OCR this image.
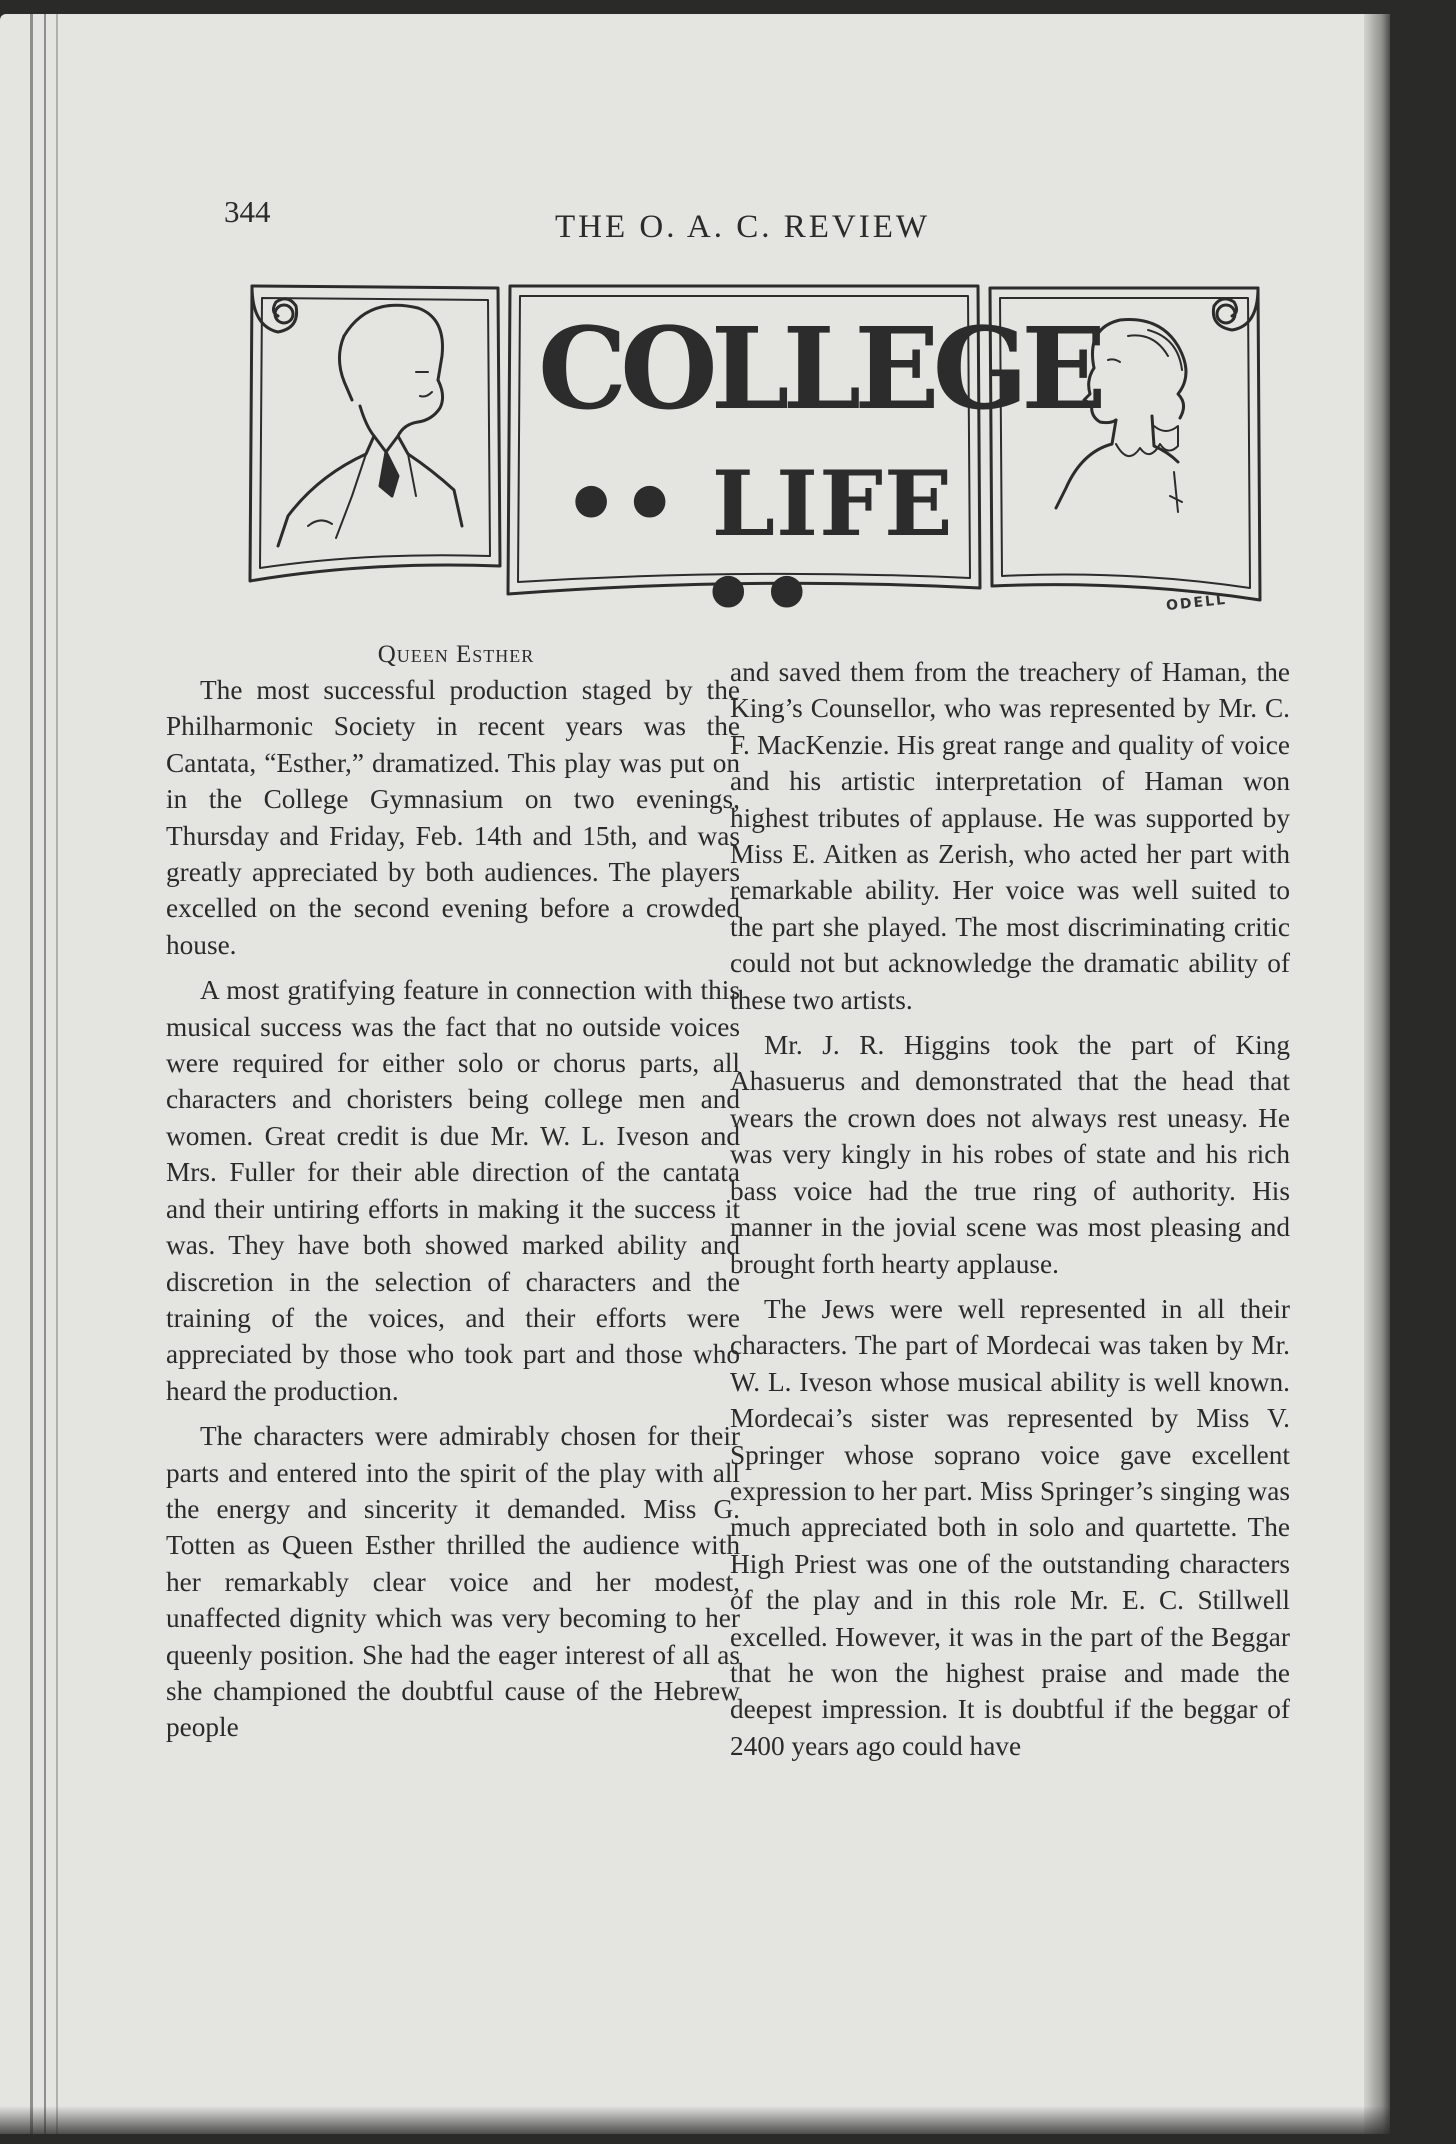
344	THE O. A. C. REVIEW
COLLEGE
•• LIFE ••	ODELL
Queen Esther

The most successful production staged by the Philharmonic Society in recent years was the Cantata, “Esther,” dramatized. This play was put on in the College Gymnasium on two evenings, Thursday and Friday, Feb. 14th and 15th, and was greatly appreciated by both audiences. The players excelled on the second evening before a crowded house.

A most gratifying feature in connection with this musical success was the fact that no outside voices were required for either solo or chorus parts, all characters and choristers being college men and women. Great credit is due Mr. W. L. Iveson and Mrs. Fuller for their able direction of the cantata and their untiring efforts in making it the success it was. They have both showed marked ability and discretion in the selection of characters and the training of the voices, and their efforts were appreciated by those who took part and those who heard the production.

The characters were admirably chosen for their parts and entered into the spirit of the play with all the energy and sincerity it demanded. Miss G. Totten as Queen Esther thrilled the audience with her remarkably clear voice and her modest, unaffected dignity which was very becoming to her queenly position. She had the eager interest of all as she championed the doubtful cause of the Hebrew people

and saved them from the treachery of Haman, the King’s Counsellor, who was represented by Mr. C. F. MacKenzie. His great range and quality of voice and his artistic interpretation of Haman won highest tributes of applause. He was supported by Miss E. Aitken as Zerish, who acted her part with remarkable ability. Her voice was well suited to the part she played. The most discriminating critic could not but acknowledge the dramatic ability of these two artists.

Mr. J. R. Higgins took the part of King Ahasuerus and demonstrated that the head that wears the crown does not always rest uneasy. He was very kingly in his robes of state and his rich bass voice had the true ring of authority. His manner in the jovial scene was most pleasing and brought forth hearty applause.

The Jews were well represented in all their characters. The part of Mordecai was taken by Mr. W. L. Iveson whose musical ability is well known. Mordecai’s sister was represented by Miss V. Springer whose soprano voice gave excellent expression to her part. Miss Springer’s singing was much appreciated both in solo and quartette. The High Priest was one of the outstanding characters of the play and in this role Mr. E. C. Stillwell excelled. However, it was in the part of the Beggar that he won the highest praise and made the deepest impression. It is doubtful if the beggar of 2400 years ago could have
